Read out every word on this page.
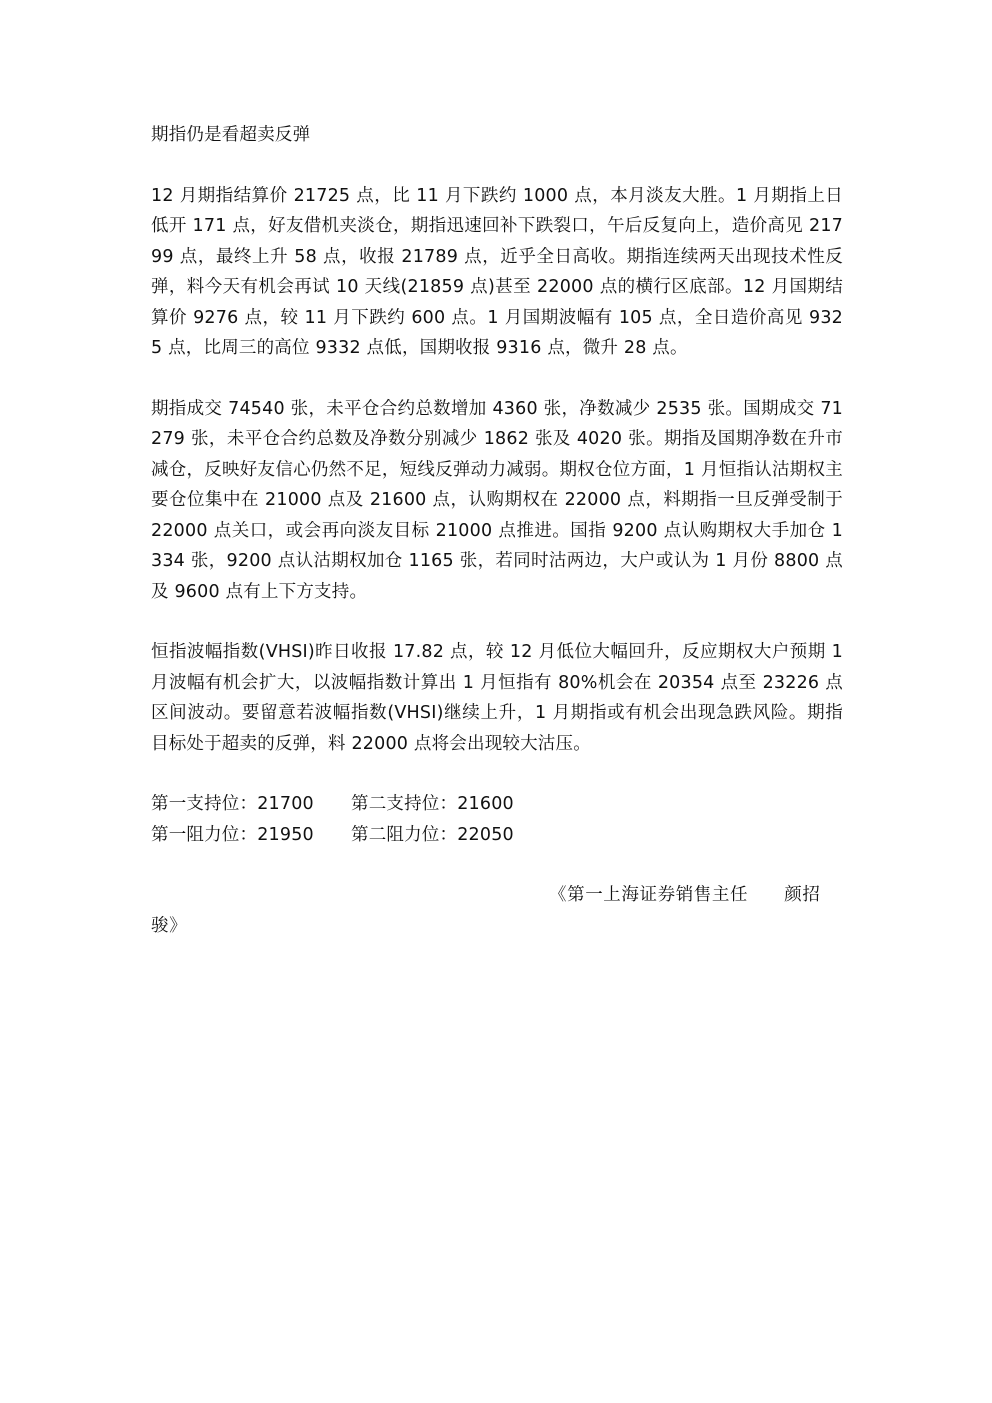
期指仍是看超卖反弹

12 月期指结算价 21725 点，比 11 月下跌约 1000 点，本月淡友大胜。1 月期指上日低开 171 点，好友借机夹淡仓，期指迅速回补下跌裂口，午后反复向上，造价高见 21799 点，最终上升 58 点，收报 21789 点，近乎全日高收。期指连续两天出现技术性反弹，料今天有机会再试 10 天线(21859 点)甚至 22000 点的横行区底部。12 月国期结算价 9276 点，较 11 月下跌约 600 点。1 月国期波幅有 105 点，全日造价高见 9325 点，比周三的高位 9332 点低，国期收报 9316 点，微升 28 点。

期指成交 74540 张，未平仓合约总数增加 4360 张，净数减少 2535 张。国期成交 71279 张，未平仓合约总数及净数分别减少 1862 张及 4020 张。期指及国期净数在升市减仓，反映好友信心仍然不足，短线反弹动力减弱。期权仓位方面，1 月恒指认沽期权主要仓位集中在 21000 点及 21600 点，认购期权在 22000 点，料期指一旦反弹受制于 22000 点关口，或会再向淡友目标 21000 点推进。国指 9200 点认购期权大手加仓 1334 张，9200 点认沽期权加仓 1165 张，若同时沽两边，大户或认为 1 月份 8800 点及 9600 点有上下方支持。

恒指波幅指数(VHSI)昨日收报 17.82 点，较 12 月低位大幅回升，反应期权大户预期 1 月波幅有机会扩大，以波幅指数计算出 1 月恒指有 80%机会在 20354 点至 23226 点区间波动。要留意若波幅指数(VHSI)继续上升，1 月期指或有机会出现急跌风险。期指目标处于超卖的反弹，料 22000 点将会出现较大沽压。

第一支持位：21700	第二支持位：21600
第一阻力位：21950	第二阻力位：22050

《第一上海证券销售主任　　颜招骏》
